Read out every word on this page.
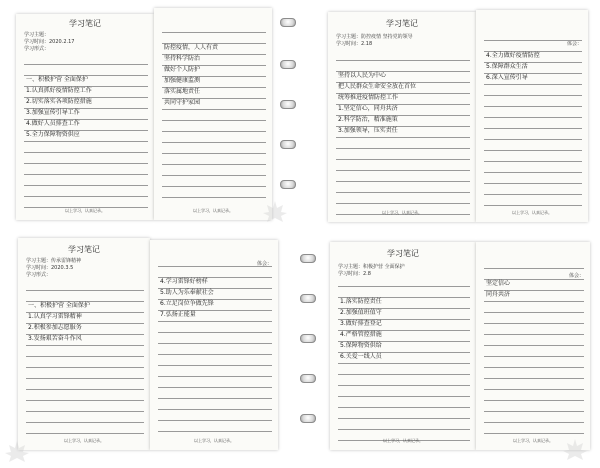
学习笔记
学习主题：
学习时间：2020.2.17
学习形式：
一、积极护营 全面保护
1.认真抓好疫情防控工作
2.切实落实各项防控措施
3.加强宣传引导工作
4.做好人员排查工作
5.全力保障物资供应
以上学习，认真记录。
防控疫情，人人有责
坚持科学防治
做好个人防护
加强健康监测
落实属地责任
共同守护家园
以上学习，认真记录。
学习笔记
学习主题：防控疫情 坚持党的领导
学习时间：2.18
坚持以人民为中心
把人民群众生命安全放在首位
统筹推进疫情防控工作
1.坚定信心，同舟共济
2.科学防治，精准施策
3.加强领导，压实责任
以上学习，认真记录。
体会：
4.全力做好疫情防控
5.保障群众生活
6.深入宣传引导
以上学习，认真记录。
学习笔记
学习主题：传承雷锋精神
学习时间：2020.3.5
学习形式：
一、积极护营 全面保护
1.认真学习雷锋精神
2.积极参加志愿服务
3.发扬艰苦奋斗作风
以上学习，认真记录。
体会：
4.学习雷锋好榜样
5.助人为乐奉献社会
6.立足岗位争做先锋
7.弘扬正能量
以上学习，认真记录。
学习笔记
学习主题：积极护营 全面保护
学习时间：2.8
1.落实防控责任
2.加强值班值守
3.做好排查登记
4.严格管控措施
5.保障物资供给
6.关爱一线人员
以上学习，认真记录。
体会：
坚定信心
同舟共济
以上学习，认真记录。
